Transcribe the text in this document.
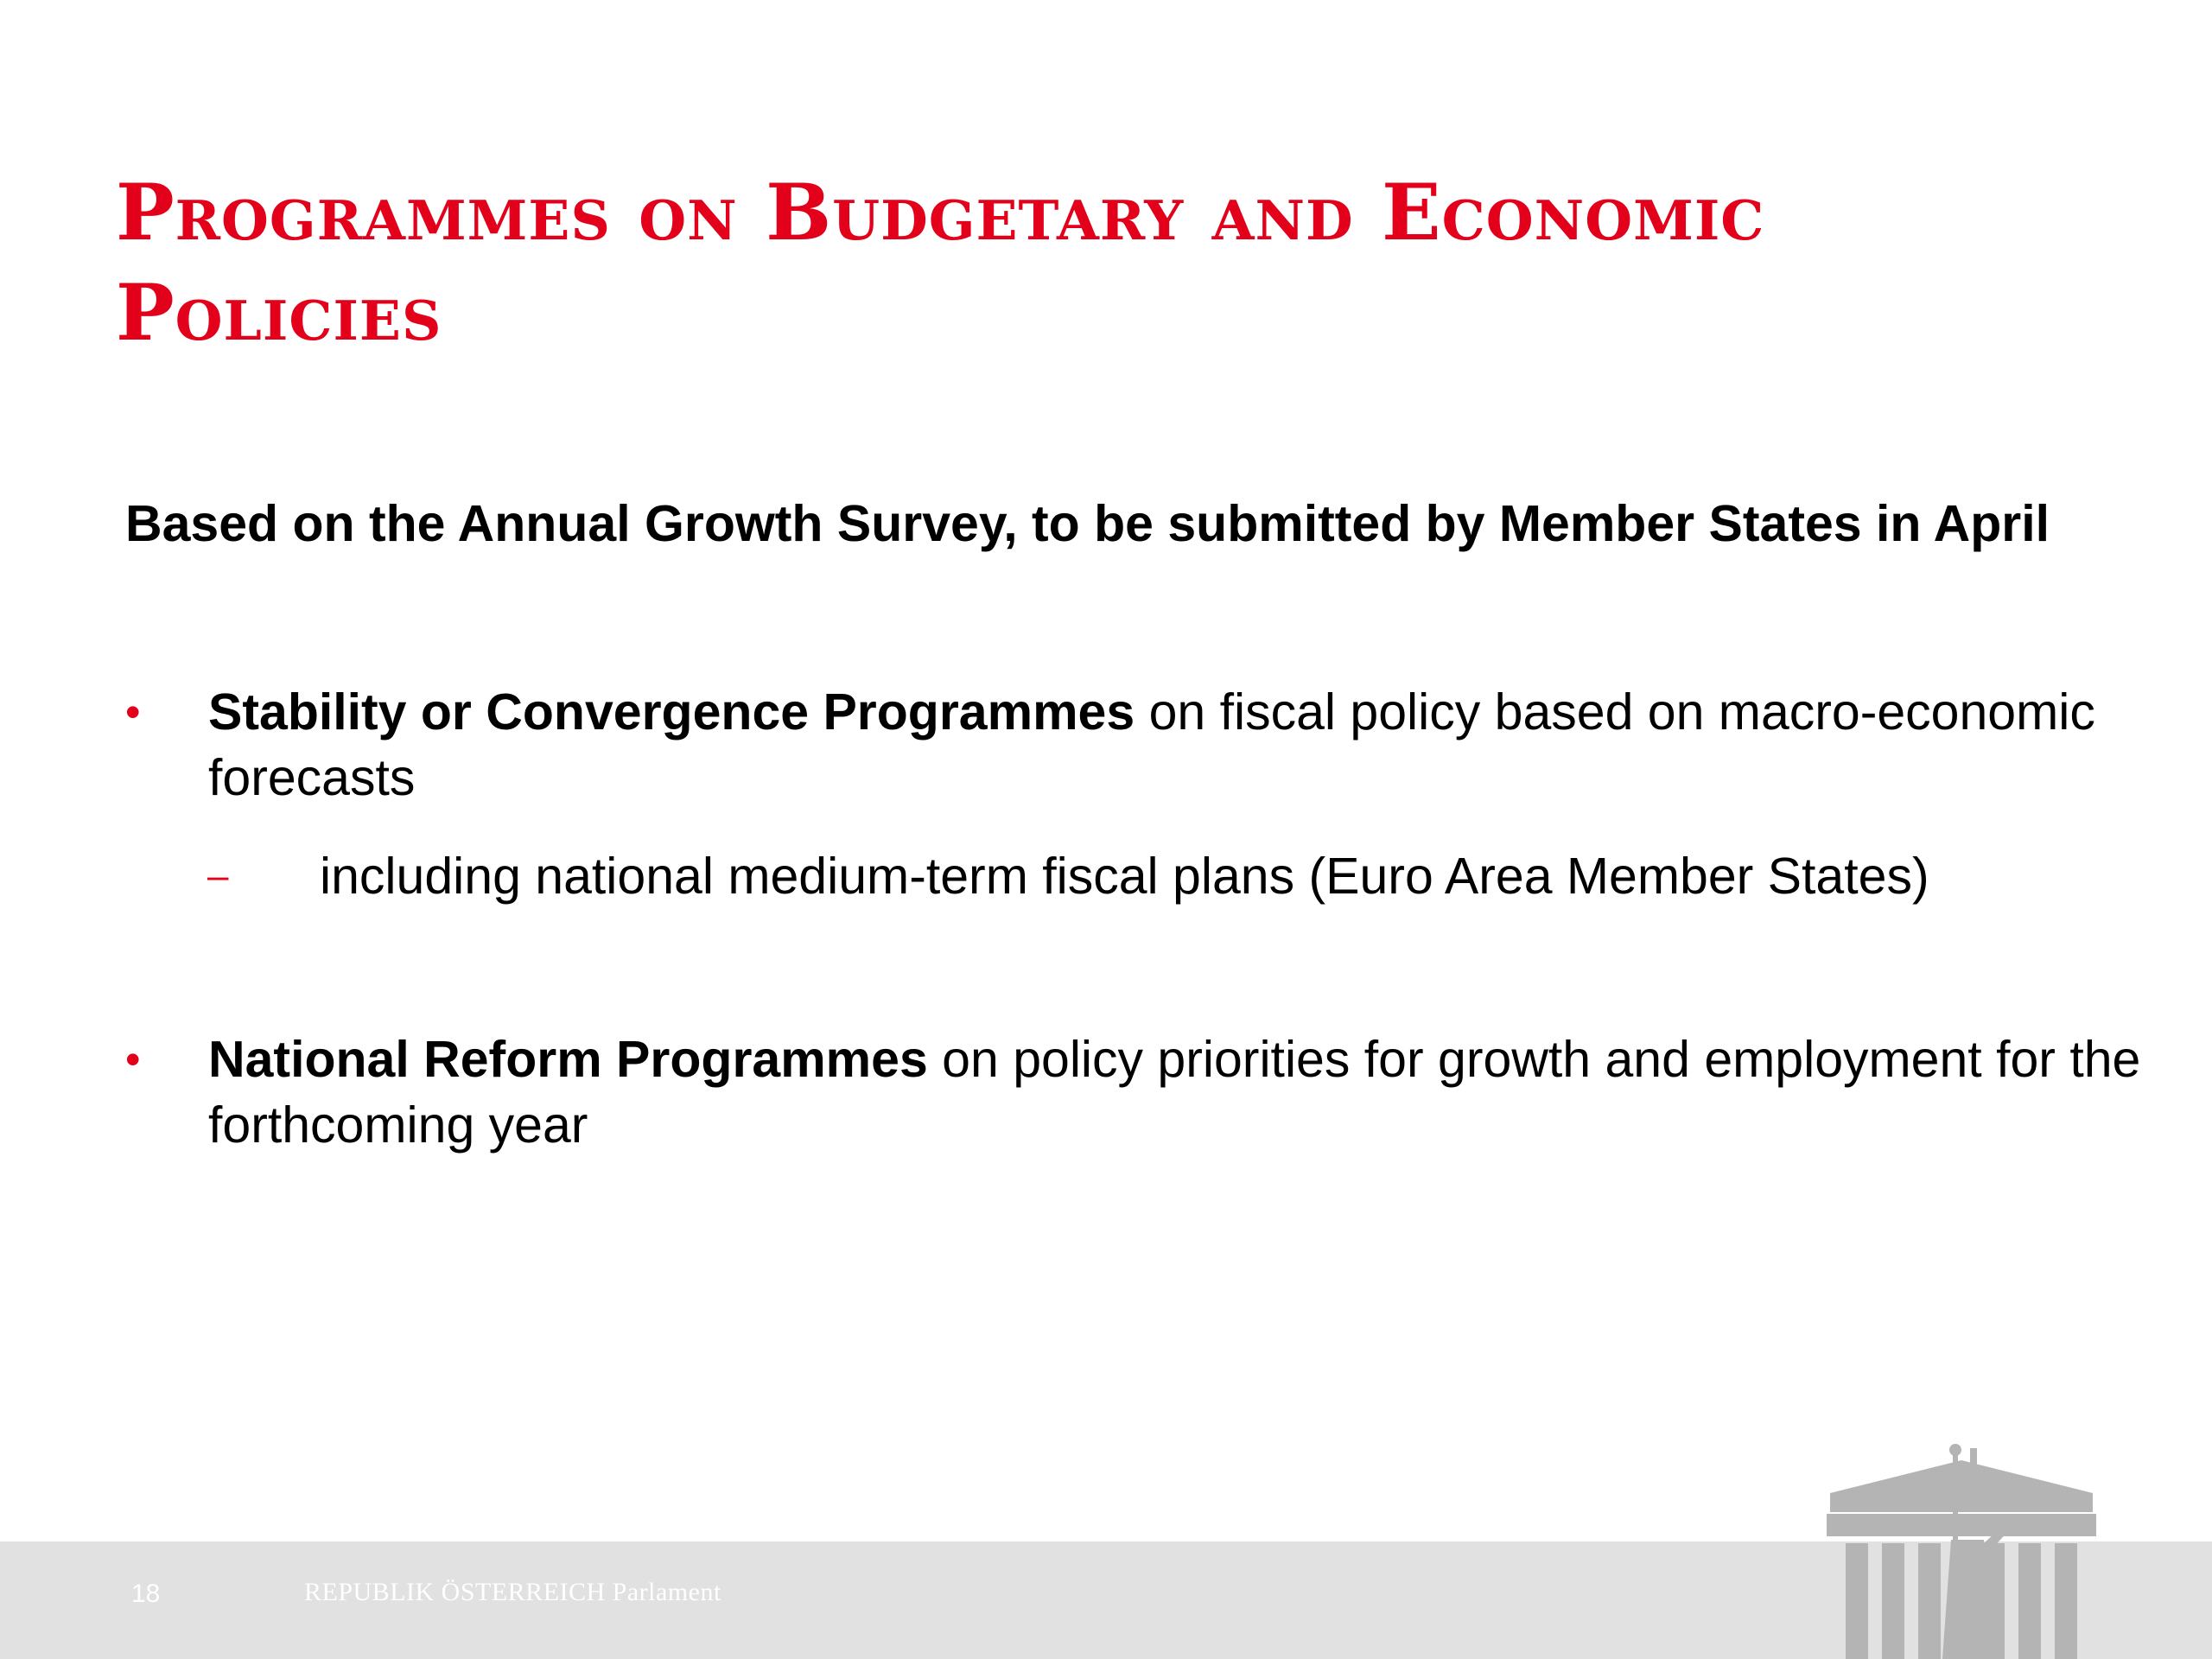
Programmes on Budgetary and Economic Policies

Based on the Annual Growth Survey, to be submitted by Member States in April

• Stability or Convergence Programmes on fiscal policy based on macro-economic forecasts
– including national medium-term fiscal plans (Euro Area Member States)
• National Reform Programmes on policy priorities for growth and employment for the forthcoming year
18	REPUBLIK ÖSTERREICH Parlament
